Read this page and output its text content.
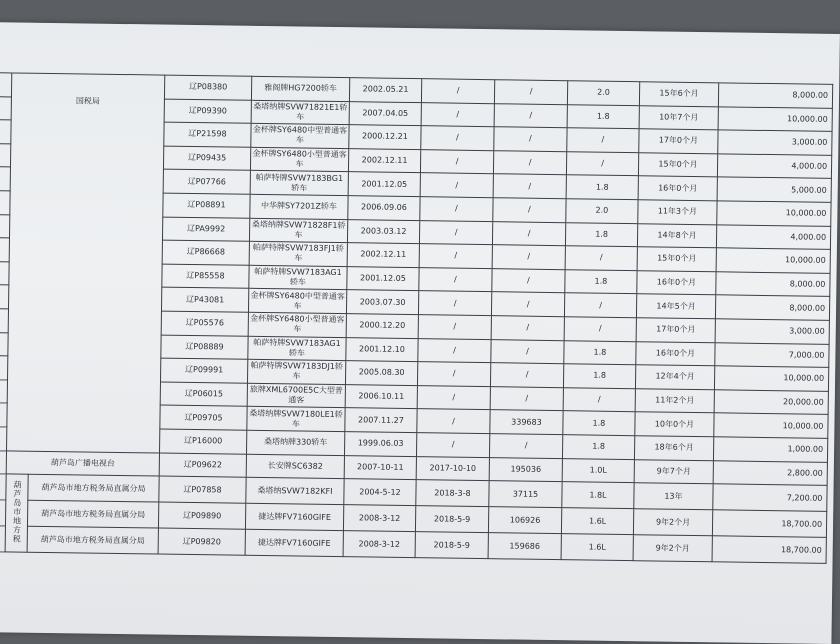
	国税局		辽P08380	雅阁牌HG7200轿车	2002.05.21	/	/	2.0	15年6个月	8,000.00
	辽P09390	桑塔纳牌SVW71821E1轿车	2007.04.05	/	/	1.8	10年7个月	10,000.00
	辽P21598	金杯牌SY6480中型普通客车	2000.12.21	/	/	/	17年0个月	3,000.00
	辽P09435	金杯牌SY6480小型普通客车	2002.12.11	/	/	/	15年0个月	4,000.00
	辽P07766	帕萨特牌SVW7183BG1轿车	2001.12.05	/	/	1.8	16年0个月	5,000.00
	辽P08891	中华牌SY7201Z轿车	2006.09.06	/	/	2.0	11年3个月	10,000.00
	辽PA9992	桑塔纳牌SVW71828F1轿车	2003.03.12	/	/	1.8	14年8个月	4,000.00
	辽P86668	帕萨特牌SVW7183FJ1轿车	2002.12.11	/	/	/	15年0个月	10,000.00
	辽P85558	帕萨特牌SVW7183AG1轿车	2001.12.05	/	/	1.8	16年0个月	8,000.00
	辽P43081	金杯牌SY6480中型普通客车	2003.07.30	/	/	/	14年5个月	8,000.00
	辽P05576	金杯牌SY6480小型普通客车	2000.12.20	/	/	/	17年0个月	3,000.00
	辽P08889	帕萨特牌SVW7183AG1轿车	2001.12.10	/	/	1.8	16年0个月	7,000.00
	辽P09991	帕萨特牌SVW7183DJ1轿车	2005.08.30	/	/	1.8	12年4个月	10,000.00
	辽P06015	旅牌XML6700E5C大型普通客	2006.10.11	/	/	/	11年2个月	20,000.00
	辽P09705	桑塔纳牌SVW7180LE1轿车	2007.11.27	/	339683	1.8	10年0个月	10,000.00
	辽P16000	桑塔纳牌330轿车	1999.06.03	/	/	1.8	18年6个月	1,000.00
	葫芦岛广播电视台		辽P09622	长安牌SC6382	2007-10-11	2017-10-10	195036	1.0L	9年7个月	2,800.00
	葫芦岛市地方税	葫芦岛市地方税务局直属分局	辽P07858	桑塔纳SVW7182KFI	2004-5-12	2018-3-8	37115	1.8L	13年	7,200.00
		葫芦岛市地方税务局直属分局	辽P09890	捷达牌FV7160GIFE	2008-3-12	2018-5-9	106926	1.6L	9年2个月	18,700.00
		葫芦岛市地方税务局直属分局	辽P09820	捷达牌FV7160GIFE	2008-3-12	2018-5-9	159686	1.6L	9年2个月	18,700.00
